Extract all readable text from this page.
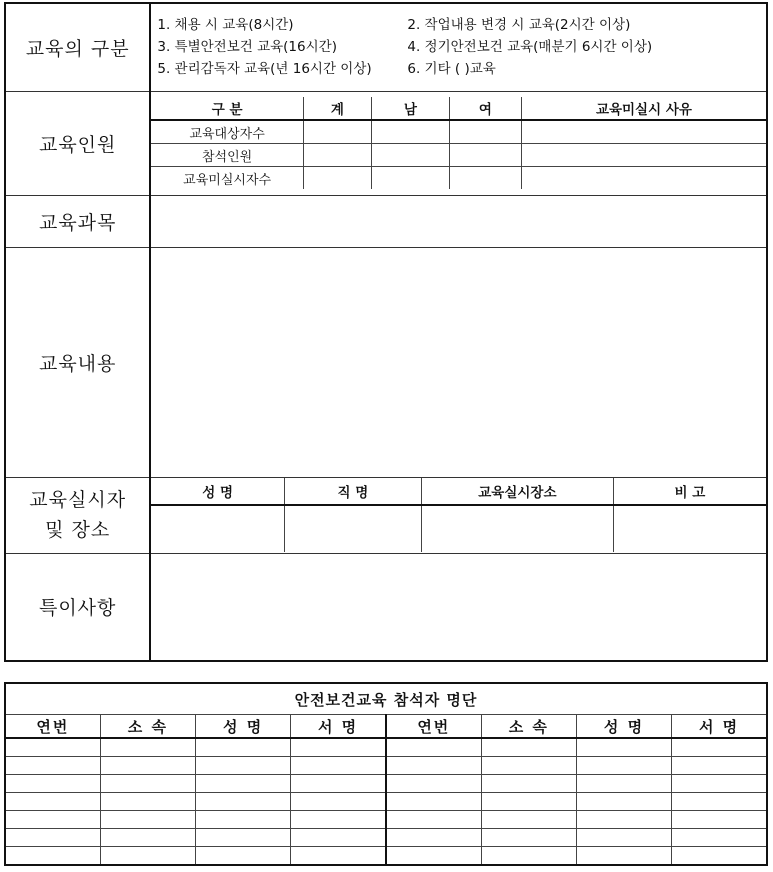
교육의 구분	
1. 채용 시 교육(8시간)	2. 작업내용 변경 시 교육(2시간 이상)
3. 특별안전보건 교육(16시간)	4. 정기안전보건 교육(매분기 6시간 이상)
5. 관리감독자 교육(년 16시간 이상)	6. 기타 ( )교육

교육인원	
구 분	계	남	여	교육미실시 사유
교육대상자수				
참석인원				
교육미실시자수				

교육과목	
교육내용	

교육실시자
및 장소

성 명	직 명	교육실시장소	비 고

특이사항	
안전보건교육 참석자 명단							
연번	소 속	성 명	서 명	연번	소 속	성 명	서 명
